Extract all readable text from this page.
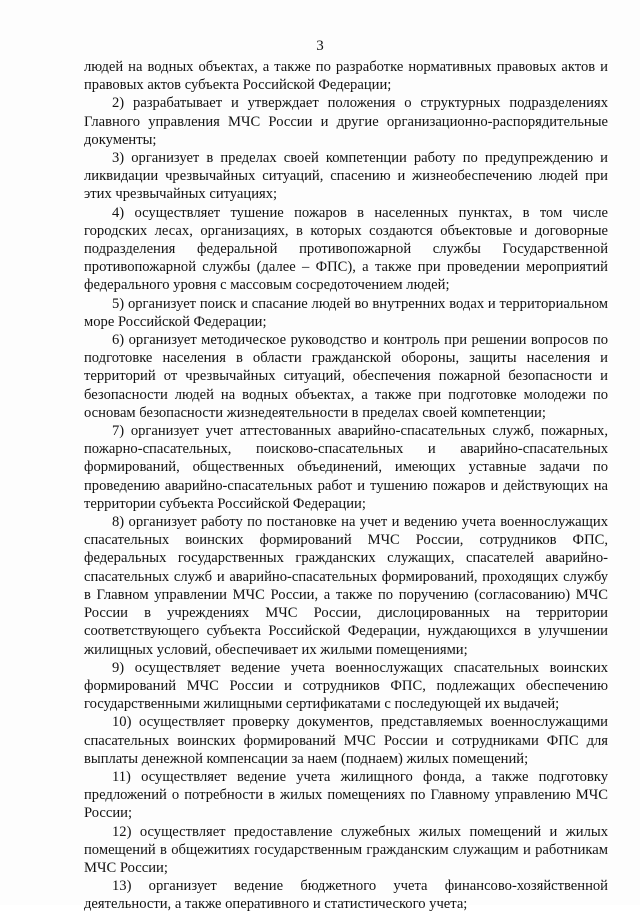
3

людей на водных объектах, а также по разработке нормативных правовых актов и правовых актов субъекта Российской Федерации;

2) разрабатывает и утверждает положения о структурных подразделениях Главного управления МЧС России и другие организационно-распорядительные документы;

3) организует в пределах своей компетенции работу по предупреждению и ликвидации чрезвычайных ситуаций, спасению и жизнеобеспечению людей при этих чрезвычайных ситуациях;

4) осуществляет тушение пожаров в населенных пунктах, в том числе городских лесах, организациях, в которых создаются объектовые и договорные подразделения федеральной противопожарной службы Государственной противопожарной службы (далее – ФПС), а также при проведении мероприятий федерального уровня с массовым сосредоточением людей;

5) организует поиск и спасание людей во внутренних водах и территориальном море Российской Федерации;

6) организует методическое руководство и контроль при решении вопросов по подготовке населения в области гражданской обороны, защиты населения и территорий от чрезвычайных ситуаций, обеспечения пожарной безопасности и безопасности людей на водных объектах, а также при подготовке молодежи по основам безопасности жизнедеятельности в пределах своей компетенции;

7) организует учет аттестованных аварийно-спасательных служб, пожарных, пожарно-спасательных, поисково-спасательных и аварийно-спасательных формирований, общественных объединений, имеющих уставные задачи по проведению аварийно-спасательных работ и тушению пожаров и действующих на территории субъекта Российской Федерации;

8) организует работу по постановке на учет и ведению учета военнослужащих спасательных воинских формирований МЧС России, сотрудников ФПС, федеральных государственных гражданских служащих, спасателей аварийно-спасательных служб и аварийно-спасательных формирований, проходящих службу в Главном управлении МЧС России, а также по поручению (согласованию) МЧС России в учреждениях МЧС России, дислоцированных на территории соответствующего субъекта Российской Федерации, нуждающихся в улучшении жилищных условий, обеспечивает их жилыми помещениями;

9) осуществляет ведение учета военнослужащих спасательных воинских формирований МЧС России и сотрудников ФПС, подлежащих обеспечению государственными жилищными сертификатами с последующей их выдачей;

10) осуществляет проверку документов, представляемых военнослужащими спасательных воинских формирований МЧС России и сотрудниками ФПС для выплаты денежной компенсации за наем (поднаем) жилых помещений;

11) осуществляет ведение учета жилищного фонда, а также подготовку предложений о потребности в жилых помещениях по Главному управлению МЧС России;

12) осуществляет предоставление служебных жилых помещений и жилых помещений в общежитиях государственным гражданским служащим и работникам МЧС России;

13) организует ведение бюджетного учета финансово-хозяйственной деятельности, а также оперативного и статистического учета;
